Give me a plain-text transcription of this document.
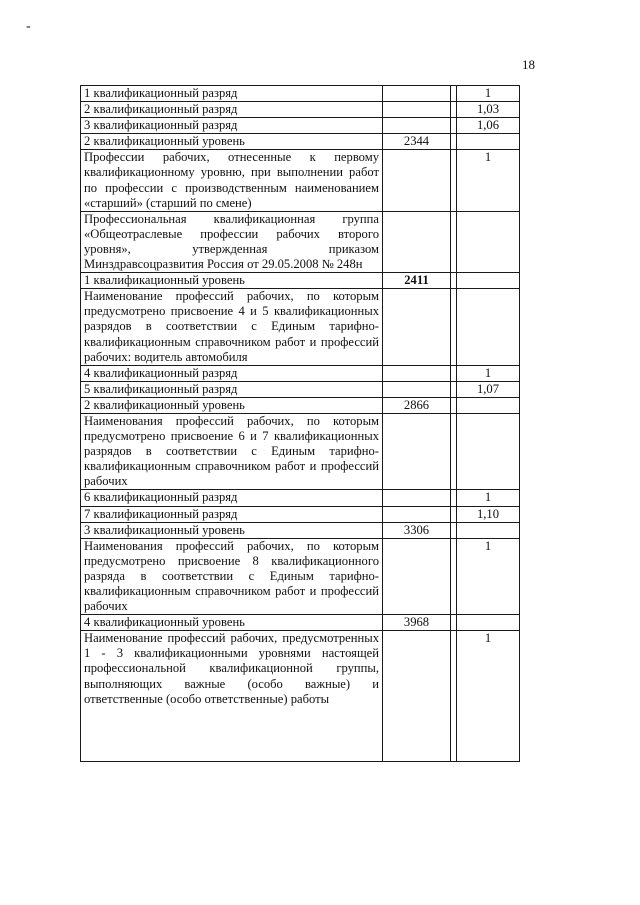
-
18
1 квалификационный разряд			1
2 квалификационный разряд			1,03
3 квалификационный разряд			1,06
2 квалификационный уровень	2344		
Профессии рабочих, отнесенные к первому квалификационному уровню, при выполнении работ по профессии с производственным наименованием «старший» (старший по смене)			1
Профессиональная квалификационная группа «Общеотраслевые профессии рабочих второго уровня», утвержденная приказом Минздравсоцразвития Россия от 29.05.2008 № 248н			
1 квалификационный уровень	2411		
Наименование профессий рабочих, по которым предусмотрено присвоение 4 и 5 квалификационных разрядов в соответствии с Единым тарифно-квалификационным справочником работ и профессий рабочих: водитель автомобиля			
4 квалификационный разряд			1
5 квалификационный разряд			1,07
2 квалификационный уровень	2866		
Наименования профессий рабочих, по которым предусмотрено присвоение 6 и 7 квалификационных разрядов в соответствии с Единым тарифно-квалификационным справочником работ и профессий рабочих			
6 квалификационный разряд			1
7 квалификационный разряд			1,10
3 квалификационный уровень	3306		
Наименования профессий рабочих, по которым предусмотрено присвоение 8 квалификационного разряда в соответствии с Единым тарифно-квалификационным справочником работ и профессий рабочих			1
4 квалификационный уровень	3968		
Наименование профессий рабочих, предусмотренных 1 - 3 квалификационными уровнями настоящей профессиональной квалификационной группы, выполняющих важные (особо важные) и ответственные (особо ответственные) работы			1
